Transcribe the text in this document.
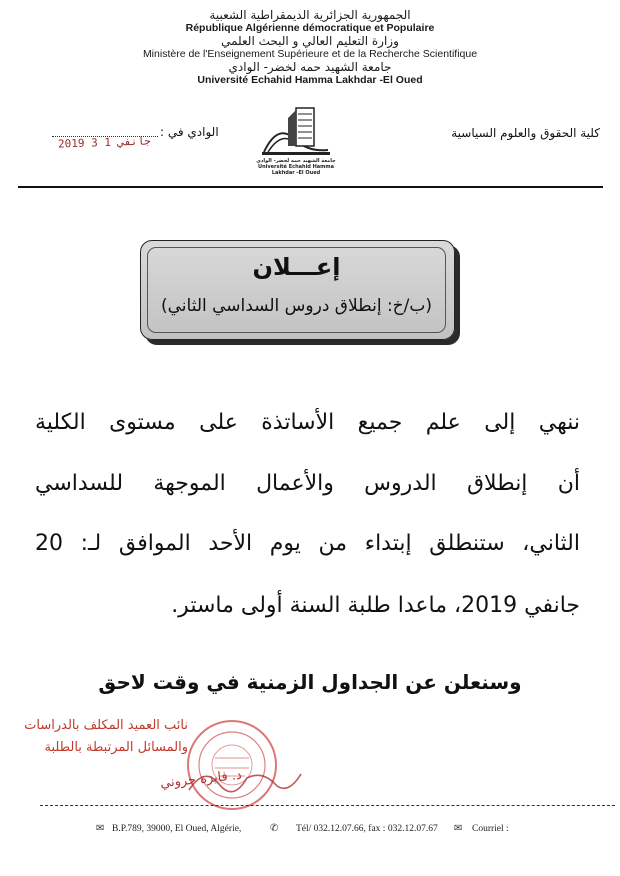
الجمهورية الجزائرية الديمقراطية الشعبية
République Algérienne démocratique et Populaire
وزارة التعليم العالي و البحث العلمي
Ministère de l'Enseignement Supérieure et de la Recherche Scientifique
جامعة الشهيد حمه لخضر- الوادي
Université Echahid Hamma Lakhdar -El Oued
جامعة الشهيد حمه لخضر- الوادي
Université Echahid Hamma Lakhdar -El Oued
كلية الحقوق والعلوم السياسية
الوادي في :
2019 جانفي 1 3
إعـــلان
(ب/خ: إنطلاق دروس السداسي الثاني)
ننهي إلى علم جميع الأساتذة على مستوى الكلية
أن إنطلاق الدروس والأعمال الموجهة للسداسي
الثاني، ستنطلق إبتداء من يوم الأحد الموافق لـ: 20
جانفي 2019، ماعدا طلبة السنة أولى ماستر.
وسنعلن عن الجداول الزمنية في وقت لاحق
نائب العميد المكلف بالدراسات
والمسائل المرتبطة بالطلبة
د. فايزة جروني
✉ B.P.789, 39000, El Oued, Algérie,	✆ Tél/ 032.12.07.66, fax : 032.12.07.67 ✉ Courriel :
